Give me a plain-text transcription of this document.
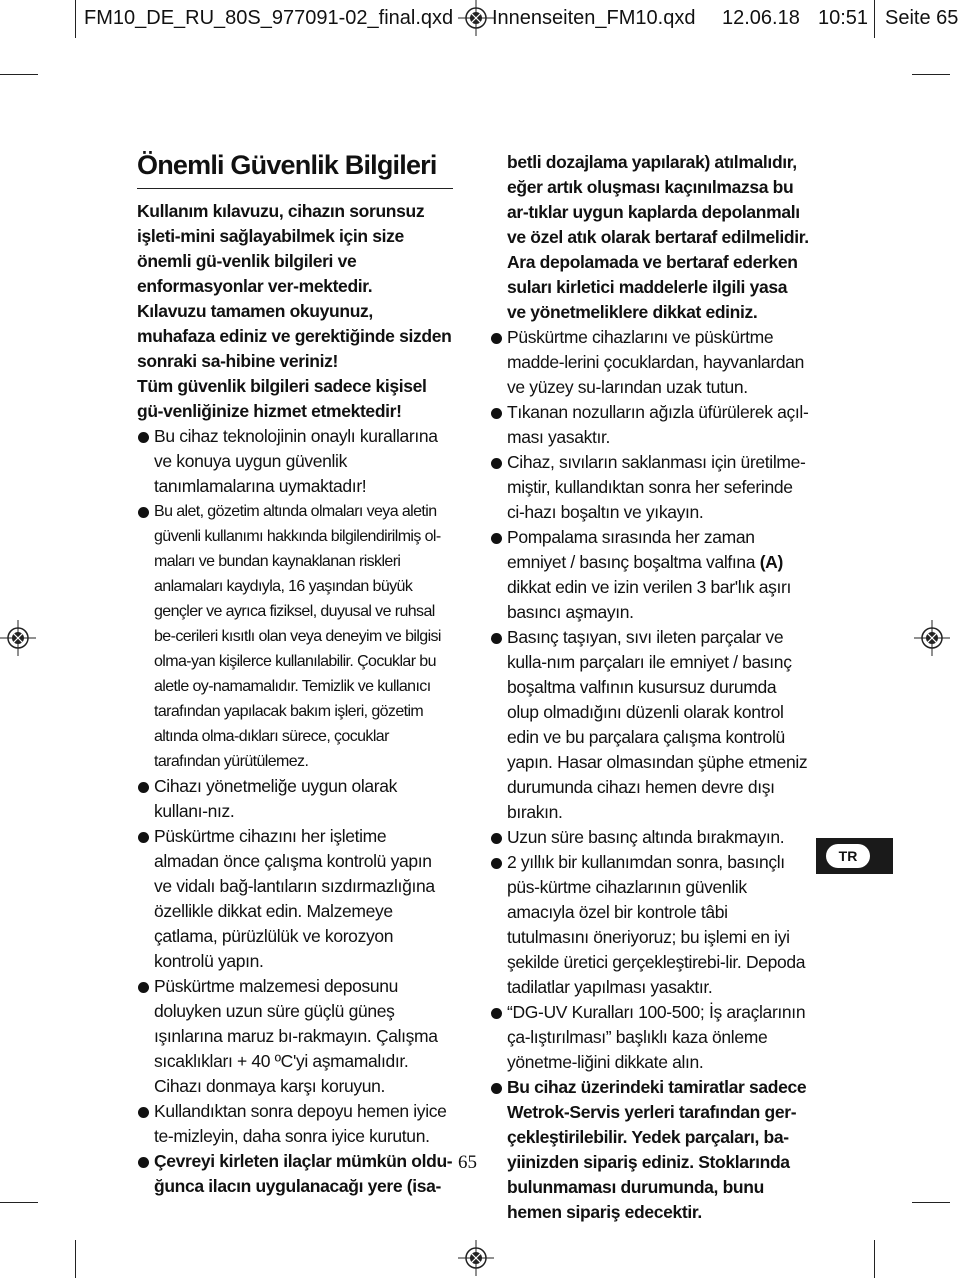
FM10_DE_RU_80S_977091-02_final.qxd Innenseiten_FM10.qxd 12.06.18 10:51 Seite 65
Önemli Güvenlik Bilgileri

Kullanım kılavuzu, cihazın sorunsuz işleti-mini sağlayabilmek için size önemli gü-venlik bilgileri ve enformasyonlar ver-mektedir.

Kılavuzu tamamen okuyunuz, muhafaza ediniz ve gerektiğinde sizden sonraki sa-hibine veriniz!

Tüm güvenlik bilgileri sadece kişisel gü-venliğinize hizmet etmektedir!

Bu cihaz teknolojinin onaylı kurallarına ve konuya uygun güvenlik tanımlamalarına uymaktadır!

Bu alet, gözetim altında olmaları veya aletin güvenli kullanımı hakkında bilgilendirilmiş ol-maları ve bundan kaynaklanan riskleri anlamaları kaydıyla, 16 yaşından büyük gençler ve ayrıca fiziksel, duyusal ve ruhsal be-cerileri kısıtlı olan veya deneyim ve bilgisi olma-yan kişilerce kullanılabilir. Çocuklar bu aletle oy-namamalıdır. Temizlik ve kullanıcı tarafından yapılacak bakım işleri, gözetim altında olma-dıkları sürece, çocuklar tarafından yürütülemez.

Cihazı yönetmeliğe uygun olarak kullanı-nız.

Püskürtme cihazını her işletime almadan önce çalışma kontrolü yapın ve vidalı bağ-lantıların sızdırmazlığına özellikle dikkat edin. Malzemeye çatlama, pürüzlülük ve korozyon kontrolü yapın.

Püskürtme malzemesi deposunu doluyken uzun süre güçlü güneş ışınlarına maruz bı-rakmayın. Çalışma sıcaklıkları + 40 ºC'yi aşmamalıdır.

Cihazı donmaya karşı koruyun.

Kullandıktan sonra depoyu hemen iyice te-mizleyin, daha sonra iyice kurutun.

Çevreyi kirleten ilaçlar mümkün oldu-ğunca ilacın uygulanacağı yere (isa-

betli dozajlama yapılarak) atılmalıdır, eğer artık oluşması kaçınılmazsa bu ar-tıklar uygun kaplarda depolanmalı ve özel atık olarak bertaraf edilmelidir. Ara depolamada ve bertaraf ederken suları kirletici maddelerle ilgili yasa ve yönetmeliklere dikkat ediniz.

Püskürtme cihazlarını ve püskürtme madde-lerini çocuklardan, hayvanlardan ve yüzey su-larından uzak tutun.

Tıkanan nozulların ağızla üfürülerek açıl-ması yasaktır.

Cihaz, sıvıların saklanması için üretilme-miştir, kullandıktan sonra her seferinde ci-hazı boşaltın ve yıkayın.

Pompalama sırasında her zaman emniyet / basınç boşaltma valfına (A) dikkat edin ve izin verilen 3 bar'lık aşırı basıncı aşmayın.

Basınç taşıyan, sıvı ileten parçalar ve kulla-nım parçaları ile emniyet / basınç boşaltma valfının kusursuz durumda olup olmadığını düzenli olarak kontrol edin ve bu parçalara çalışma kontrolü yapın. Hasar olmasından şüphe etmeniz durumunda cihazı hemen devre dışı bırakın.

Uzun süre basınç altında bırakmayın.

2 yıllık bir kullanımdan sonra, basınçlı püs-kürtme cihazlarının güvenlik amacıyla özel bir kontrole tâbi tutulmasını öneriyoruz; bu işlemi en iyi şekilde üretici gerçekleştirebi-lir. Depoda tadilatlar yapılması yasaktır.

“DG-UV Kuralları 100-500; İş araçlarının ça-lıştırılması” başlıklı kaza önleme yönetme-liğini dikkate alın.

Bu cihaz üzerindeki tamiratlar sadece Wetrok-Servis yerleri tarafından ger-çekleştirilebilir. Yedek parçaları, ba-yiinizden sipariş ediniz. Stoklarında bulunmaması durumunda, bunu hemen sipariş edecektir.

TR
65
